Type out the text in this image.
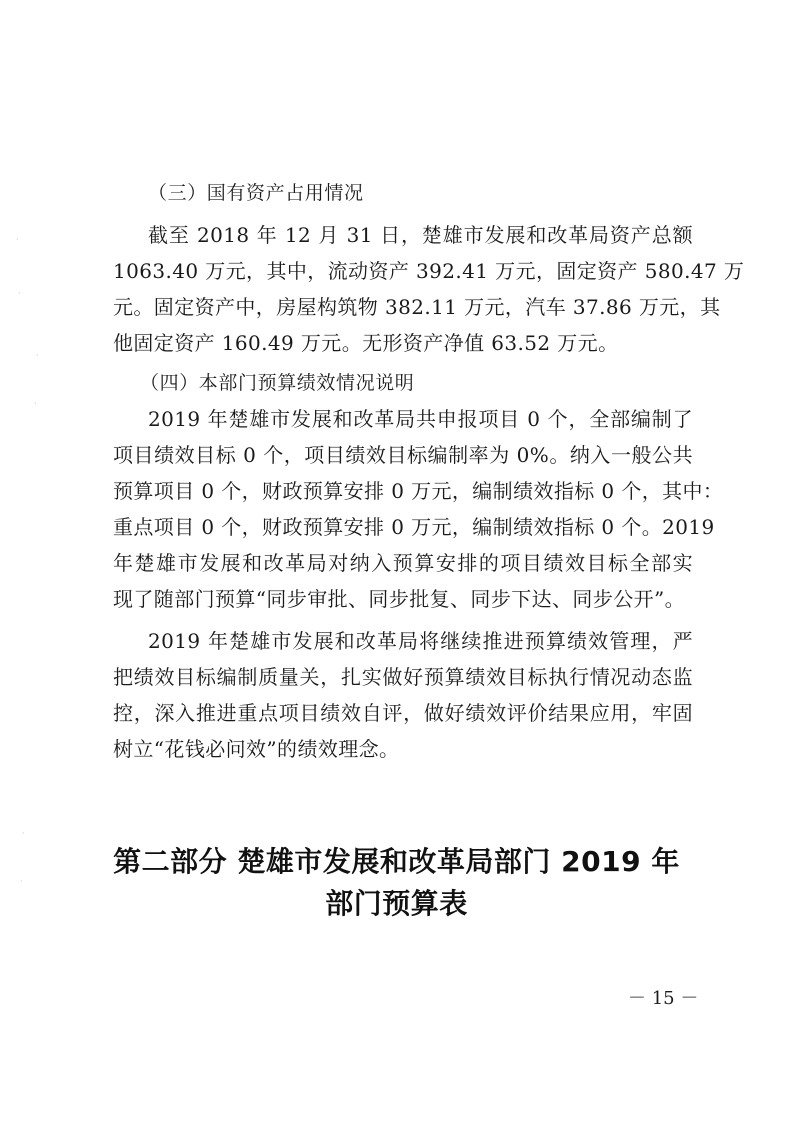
（三）国有资产占用情况
截至 2018 年 12 月 31 日，楚雄市发展和改革局资产总额
1063.40 万元，其中，流动资产 392.41 万元，固定资产 580.47 万
元。固定资产中，房屋构筑物 382.11 万元，汽车 37.86 万元，其
他固定资产 160.49 万元。无形资产净值 63.52 万元。
（四）本部门预算绩效情况说明
2019 年楚雄市发展和改革局共申报项目 0 个，全部编制了
项目绩效目标 0 个，项目绩效目标编制率为 0%。纳入一般公共
预算项目 0 个，财政预算安排 0 万元，编制绩效指标 0 个，其中：
重点项目 0 个，财政预算安排 0 万元，编制绩效指标 0 个。2019
年楚雄市发展和改革局对纳入预算安排的项目绩效目标全部实
现了随部门预算“同步审批、同步批复、同步下达、同步公开”。
2019 年楚雄市发展和改革局将继续推进预算绩效管理，严
把绩效目标编制质量关，扎实做好预算绩效目标执行情况动态监
控，深入推进重点项目绩效自评，做好绩效评价结果应用，牢固
树立“花钱必问效”的绩效理念。
第二部分 楚雄市发展和改革局部门 2019 年
部门预算表
－ 15 －
·
·
·
·
·
·
